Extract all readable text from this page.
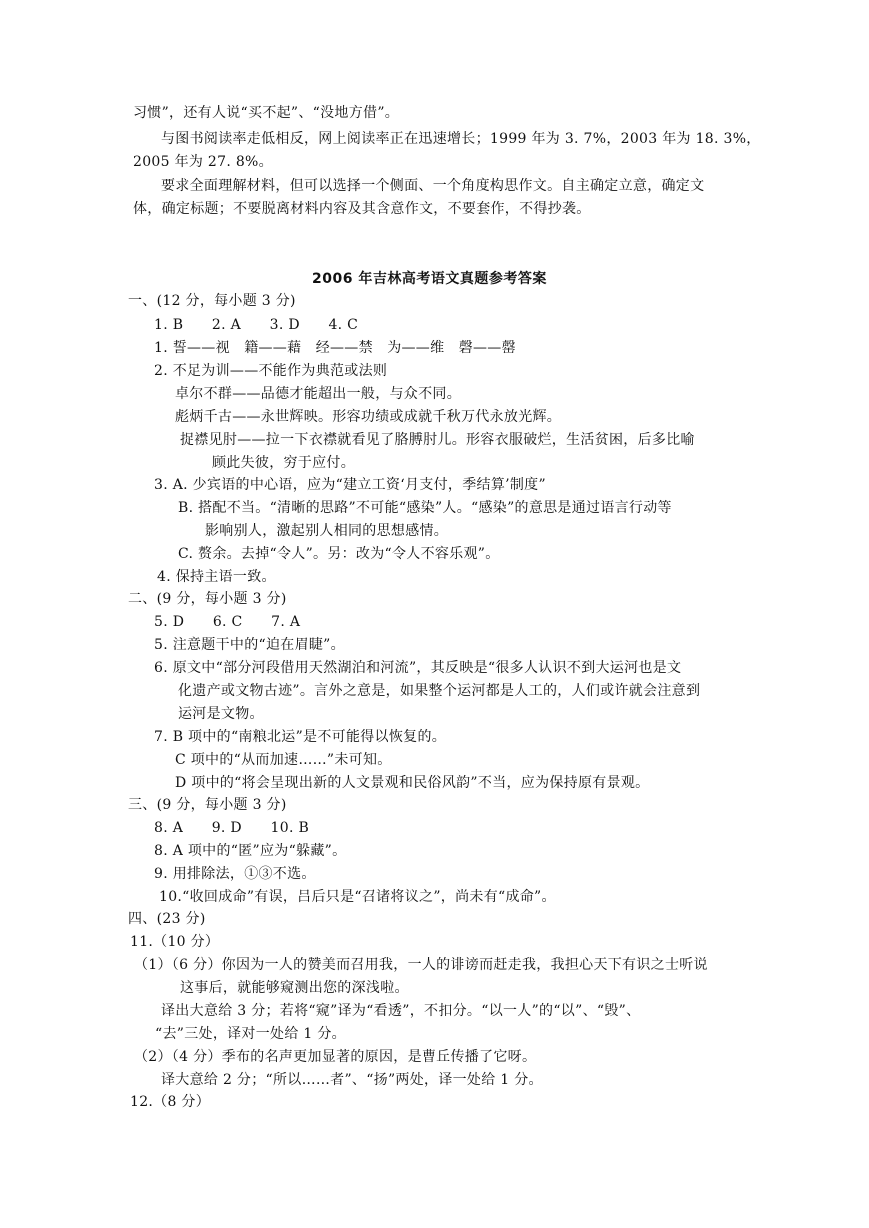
习惯”，还有人说“买不起”、“没地方借”。
与图书阅读率走低相反，网上阅读率正在迅速增长；1999 年为 3. 7%，2003 年为 18. 3%，
2005 年为 27. 8%。
要求全面理解材料，但可以选择一个侧面、一个角度构思作文。自主确定立意，确定文
体，确定标题；不要脱离材料内容及其含意作文，不要套作，不得抄袭。
2006 年吉林高考语文真题参考答案
一、(12 分，每小题 3 分)
1. B　　2. A　　3. D　　4. C
1. 誓——视　籍——藉　经——禁　为——维　磬——罄
2. 不足为训——不能作为典范或法则
卓尔不群——品德才能超出一般，与众不同。
彪炳千古——永世辉映。形容功绩或成就千秋万代永放光辉。
捉襟见肘——拉一下衣襟就看见了胳膊肘儿。形容衣服破烂，生活贫困，后多比喻
顾此失彼，穷于应付。
3. A. 少宾语的中心语，应为“建立工资‘月支付，季结算’制度”
B. 搭配不当。“清晰的思路”不可能“感染”人。“感染”的意思是通过语言行动等
影响别人，激起别人相同的思想感情。
C. 赘余。去掉“令人”。另：改为“令人不容乐观”。
4. 保持主语一致。
二、(9 分，每小题 3 分)
5. D　　6. C　　7. A
5. 注意题干中的“迫在眉睫”。
6. 原文中“部分河段借用天然湖泊和河流”，其反映是“很多人认识不到大运河也是文
化遗产或文物古迹”。言外之意是，如果整个运河都是人工的，人们或许就会注意到
运河是文物。
7. B 项中的“南粮北运”是不可能得以恢复的。
C 项中的“从而加速……”未可知。
D 项中的“将会呈现出新的人文景观和民俗风韵”不当，应为保持原有景观。
三、(9 分，每小题 3 分)
8. A　　9. D　　10. B
8. A 项中的“匿”应为“躲藏”。
9. 用排除法，①③不选。
10.“收回成命”有误，吕后只是“召诸将议之”，尚未有“成命”。
四、(23 分)
11.（10 分）
（1）（6 分）你因为一人的赞美而召用我，一人的诽谤而赶走我，我担心天下有识之士听说
这事后，就能够窥测出您的深浅啦。
译出大意给 3 分；若将“窥”译为“看透”，不扣分。“以一人”的“以”、“毁”、
“去”三处，译对一处给 1 分。
（2）（4 分）季布的名声更加显著的原因，是曹丘传播了它呀。
译大意给 2 分；“所以……者”、“扬”两处，译一处给 1 分。
12.（8 分）
